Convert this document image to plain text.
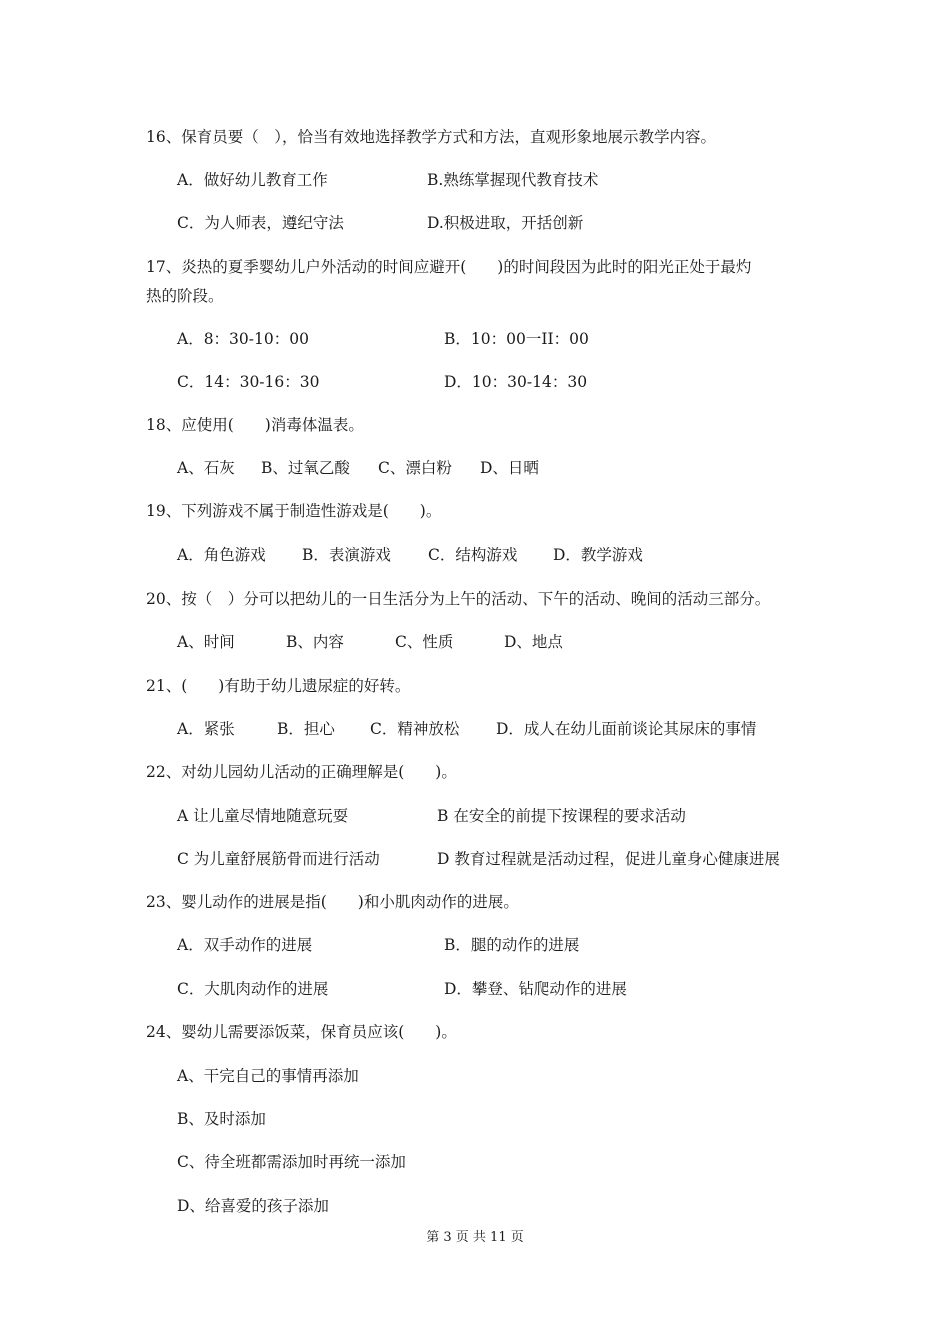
16、保育员要（　），恰当有效地选择教学方式和方法，直观形象地展示教学内容。
A．做好幼儿教育工作	B.熟练掌握现代教育技术
C．为人师表，遵纪守法	D.积极进取，开括创新
17、炎热的夏季婴幼儿户外活动的时间应避开(　　)的时间段因为此时的阳光正处于最灼
热的阶段。
A．8：30-10：00	B．10：00一II：00
C．14：30-16：30	D．10：30-14：30
18、应使用(　　)消毒体温表。
A、石灰 B、过氧乙酸 C、漂白粉 D、日晒
19、下列游戏不属于制造性游戏是(　　)。
A．角色游戏 B．表演游戏 C．结构游戏 D．教学游戏
20、按（　）分可以把幼儿的一日生活分为上午的活动、下午的活动、晚间的活动三部分。
A、时间	B、内容	C、性质	D、地点
21、(　　)有助于幼儿遗尿症的好转。
A．紧张	B．担心 C．精神放松 D．成人在幼儿面前谈论其尿床的事情
22、对幼儿园幼儿活动的正确理解是(　　)。
A 让儿童尽情地随意玩耍	B 在安全的前提下按课程的要求活动
C 为儿童舒展筋骨而进行活动	D 教育过程就是活动过程，促进儿童身心健康进展
23、婴儿动作的进展是指(　　)和小肌肉动作的进展。
A．双手动作的进展	B．腿的动作的进展
C．大肌肉动作的进展	D．攀登、钻爬动作的进展
24、婴幼儿需要添饭菜，保育员应该(　　)。
A、干完自己的事情再添加
B、及时添加
C、待全班都需添加时再统一添加
D、给喜爱的孩子添加
第 3 页 共 11 页
